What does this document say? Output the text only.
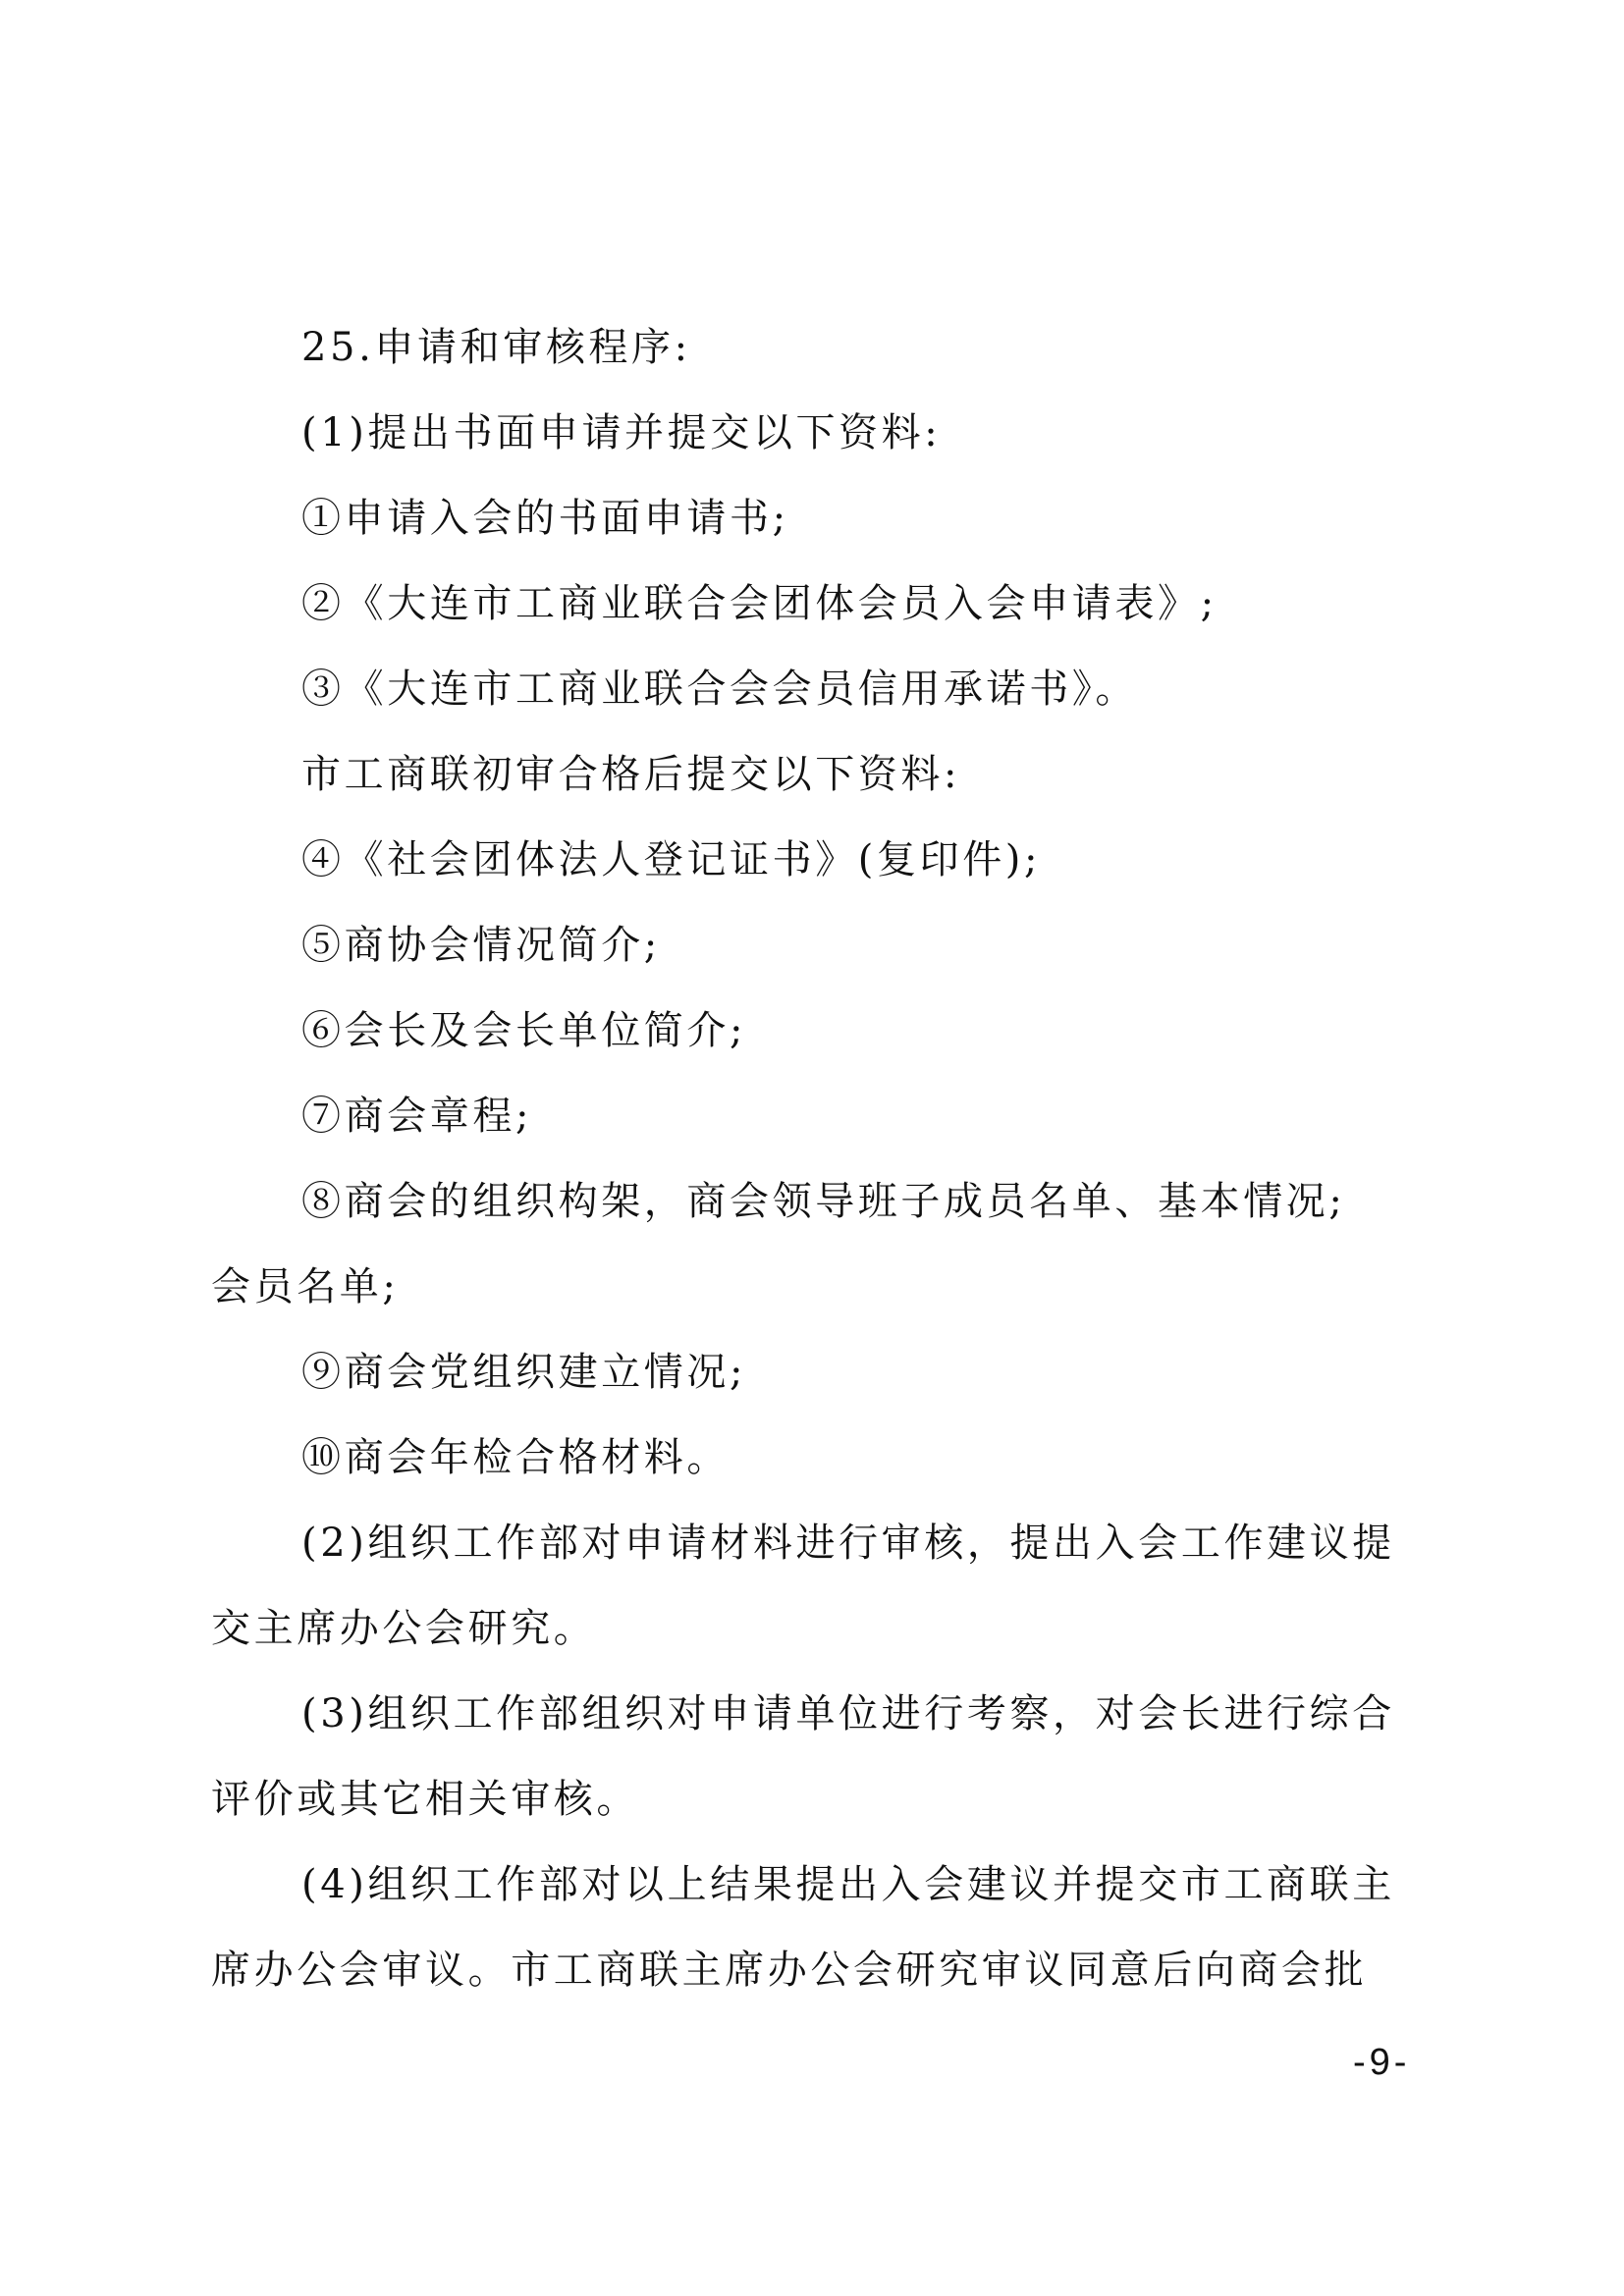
25.申请和审核程序:
(1)提出书面申请并提交以下资料:
①申请入会的书面申请书;
②《大连市工商业联合会团体会员入会申请表》;
③《大连市工商业联合会会员信用承诺书》。
市工商联初审合格后提交以下资料:
④《社会团体法人登记证书》(复印件);
⑤商协会情况简介;
⑥会长及会长单位简介;
⑦商会章程;
⑧商会的组织构架，商会领导班子成员名单、基本情况;
会员名单;
⑨商会党组织建立情况;
⑩商会年检合格材料。
(2)组织工作部对申请材料进行审核，提出入会工作建议提
交主席办公会研究。
(3)组织工作部组织对申请单位进行考察，对会长进行综合
评价或其它相关审核。
(4)组织工作部对以上结果提出入会建议并提交市工商联主
席办公会审议。市工商联主席办公会研究审议同意后向商会批
-9-
